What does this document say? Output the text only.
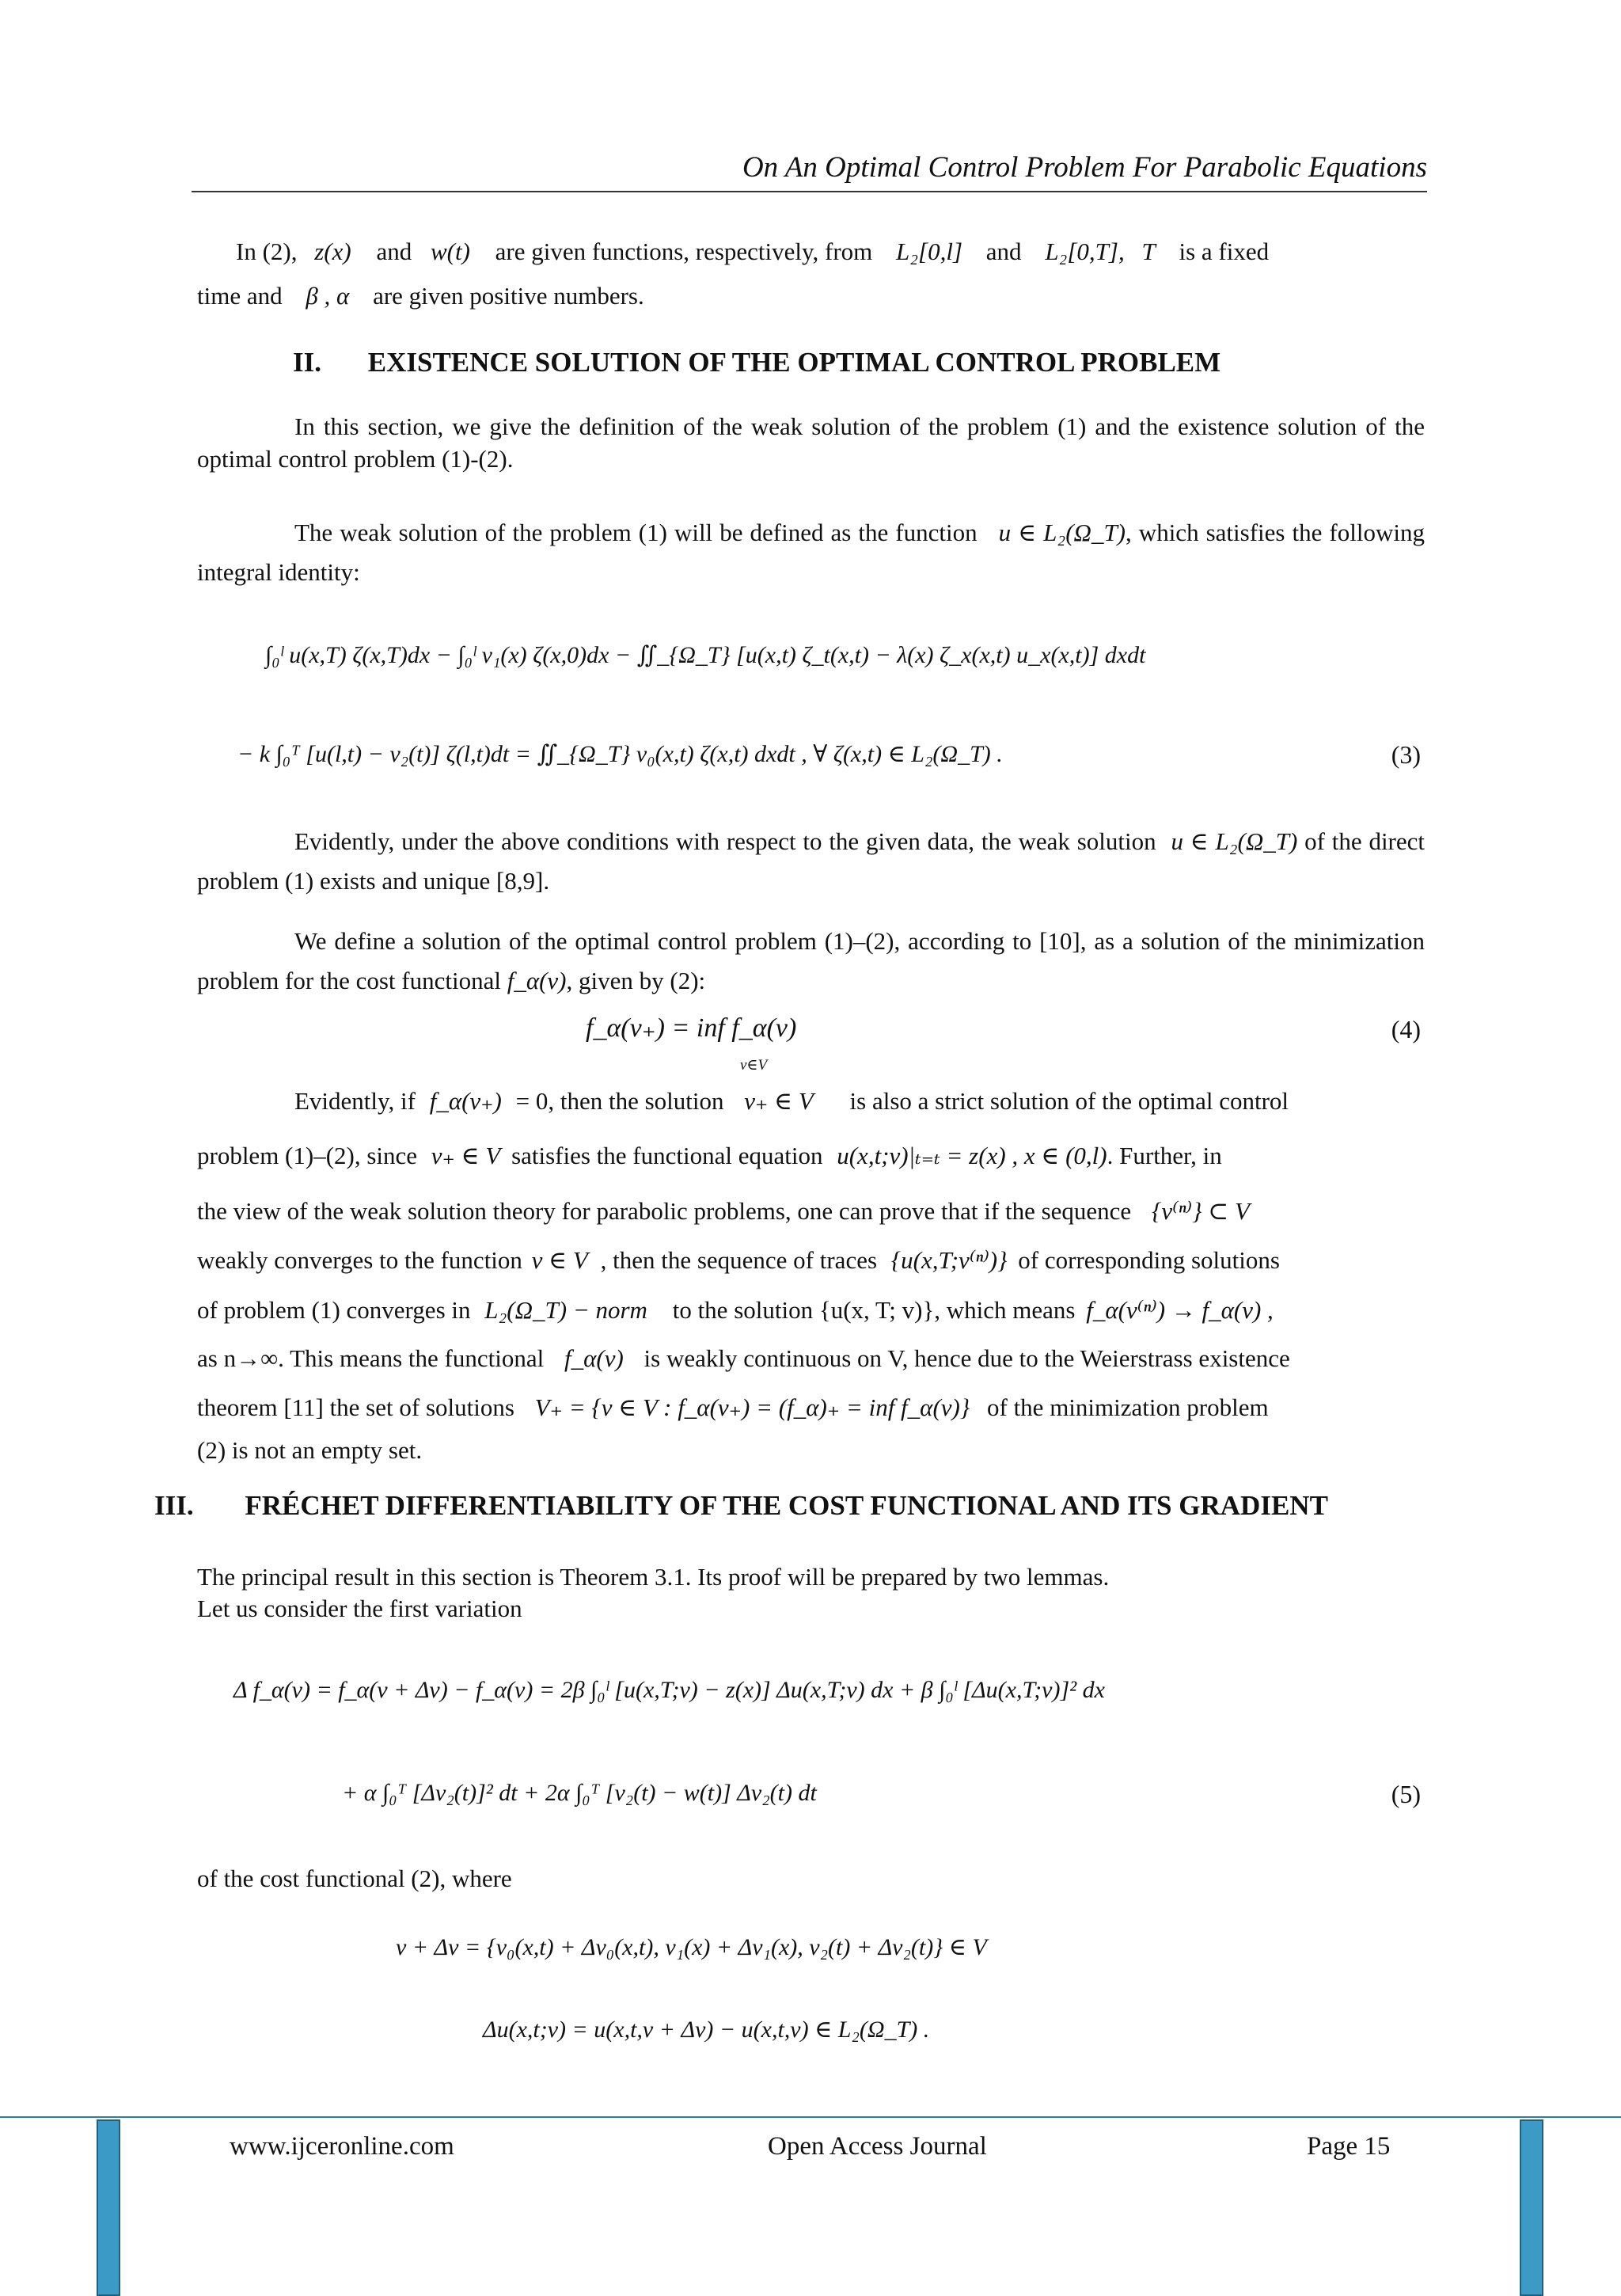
On An Optimal Control Problem For Parabolic Equations
In (2), z(x) and w(t) are given functions, respectively, from L₂[0,l] and L₂[0,T], T is a fixed
time and β , α are given positive numbers.
II. EXISTENCE SOLUTION OF THE OPTIMAL CONTROL PROBLEM
In this section, we give the definition of the weak solution of the problem (1) and the existence solution of the optimal control problem (1)-(2).
The weak solution of the problem (1) will be defined as the function u ∈ L₂(Ω_T), which satisfies the following integral identity:
∫₀ˡ u(x,T) ζ(x,T)dx − ∫₀ˡ v₁(x) ζ(x,0)dx − ∬_{Ω_T} [u(x,t) ζ_t(x,t) − λ(x) ζ_x(x,t) u_x(x,t)] dxdt
− k ∫₀ᵀ [u(l,t) − v₂(t)] ζ(l,t)dt = ∬_{Ω_T} v₀(x,t) ζ(x,t) dxdt , ∀ ζ(x,t) ∈ L₂(Ω_T) .	(3)
Evidently, under the above conditions with respect to the given data, the weak solution u ∈ L₂(Ω_T) of the direct problem (1) exists and unique [8,9].
We define a solution of the optimal control problem (1)–(2), according to [10], as a solution of the minimization problem for the cost functional f_α(v), given by (2):
f_α(v₊) = inf f_α(v)
v∈V
(4)
Evidently, if f_α(v₊) = 0, then the solution v₊ ∈ V is also a strict solution of the optimal control
problem (1)–(2), since v₊ ∈ V satisfies the functional equation u(x,t;v)|ₜ₌ₜ = z(x) , x ∈ (0,l). Further, in
the view of the weak solution theory for parabolic problems, one can prove that if the sequence {v⁽ⁿ⁾} ⊂ V
weakly converges to the function v ∈ V , then the sequence of traces {u(x,T;v⁽ⁿ⁾)} of corresponding solutions
of problem (1) converges in L₂(Ω_T) − norm to the solution {u(x, T; v)}, which means f_α(v⁽ⁿ⁾) → f_α(v) ,
as n→∞. This means the functional f_α(v) is weakly continuous on V, hence due to the Weierstrass existence
theorem [11] the set of solutions V₊ = {v ∈ V : f_α(v₊) = (f_α)₊ = inf f_α(v)} of the minimization problem
(2) is not an empty set.
III. FRÉCHET DIFFERENTIABILITY OF THE COST FUNCTIONAL AND ITS GRADIENT
The principal result in this section is Theorem 3.1. Its proof will be prepared by two lemmas.
Let us consider the first variation
Δ f_α(v) = f_α(v + Δv) − f_α(v) = 2β ∫₀ˡ [u(x,T;v) − z(x)] Δu(x,T;v) dx + β ∫₀ˡ [Δu(x,T;v)]² dx
+ α ∫₀ᵀ [Δv₂(t)]² dt + 2α ∫₀ᵀ [v₂(t) − w(t)] Δv₂(t) dt	(5)
of the cost functional (2), where
v + Δv = {v₀(x,t) + Δv₀(x,t), v₁(x) + Δv₁(x), v₂(t) + Δv₂(t)} ∈ V
Δu(x,t;v) = u(x,t,v + Δv) − u(x,t,v) ∈ L₂(Ω_T) .
www.ijceronline.com	Open Access Journal	Page 15
